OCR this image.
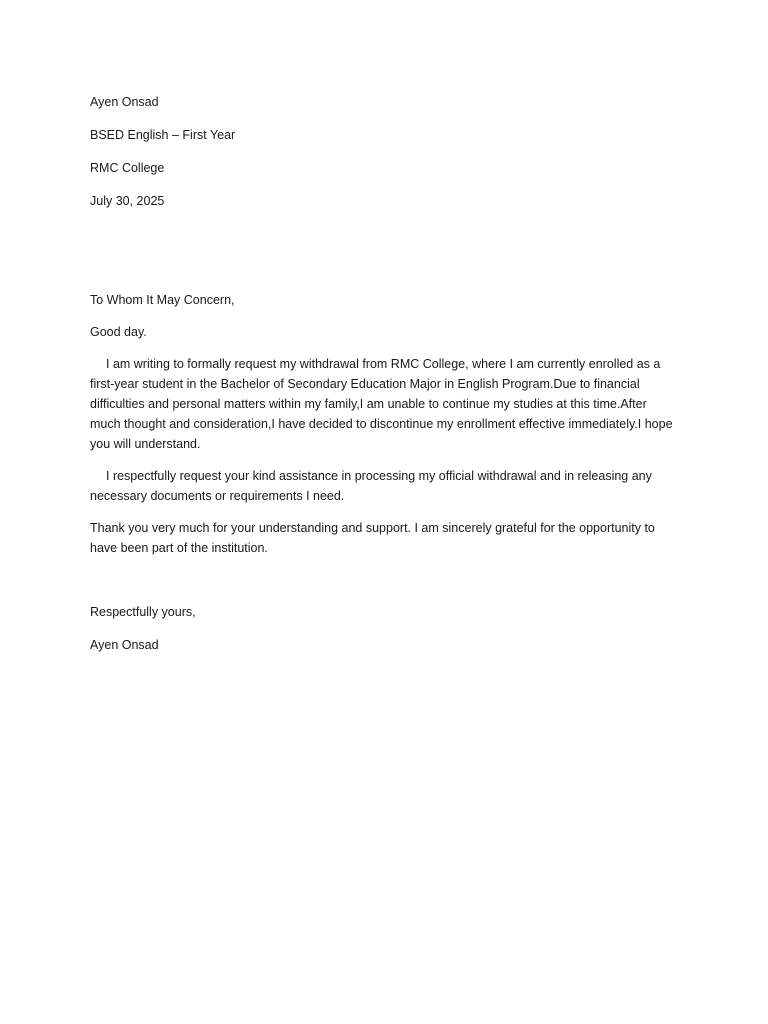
Ayen Onsad

BSED English – First Year

RMC College

July 30, 2025

To Whom It May Concern,

Good day.

I am writing to formally request my withdrawal from RMC College, where I am currently enrolled as a first-year student in the Bachelor of Secondary Education Major in English Program.Due to financial difficulties and personal matters within my family,I am unable to continue my studies at this time.After much thought and consideration,I have decided to discontinue my enrollment effective immediately.I hope you will understand.

I respectfully request your kind assistance in processing my official withdrawal and in releasing any necessary documents or requirements I need.

Thank you very much for your understanding and support. I am sincerely grateful for the opportunity to have been part of the institution.

Respectfully yours,

Ayen Onsad
